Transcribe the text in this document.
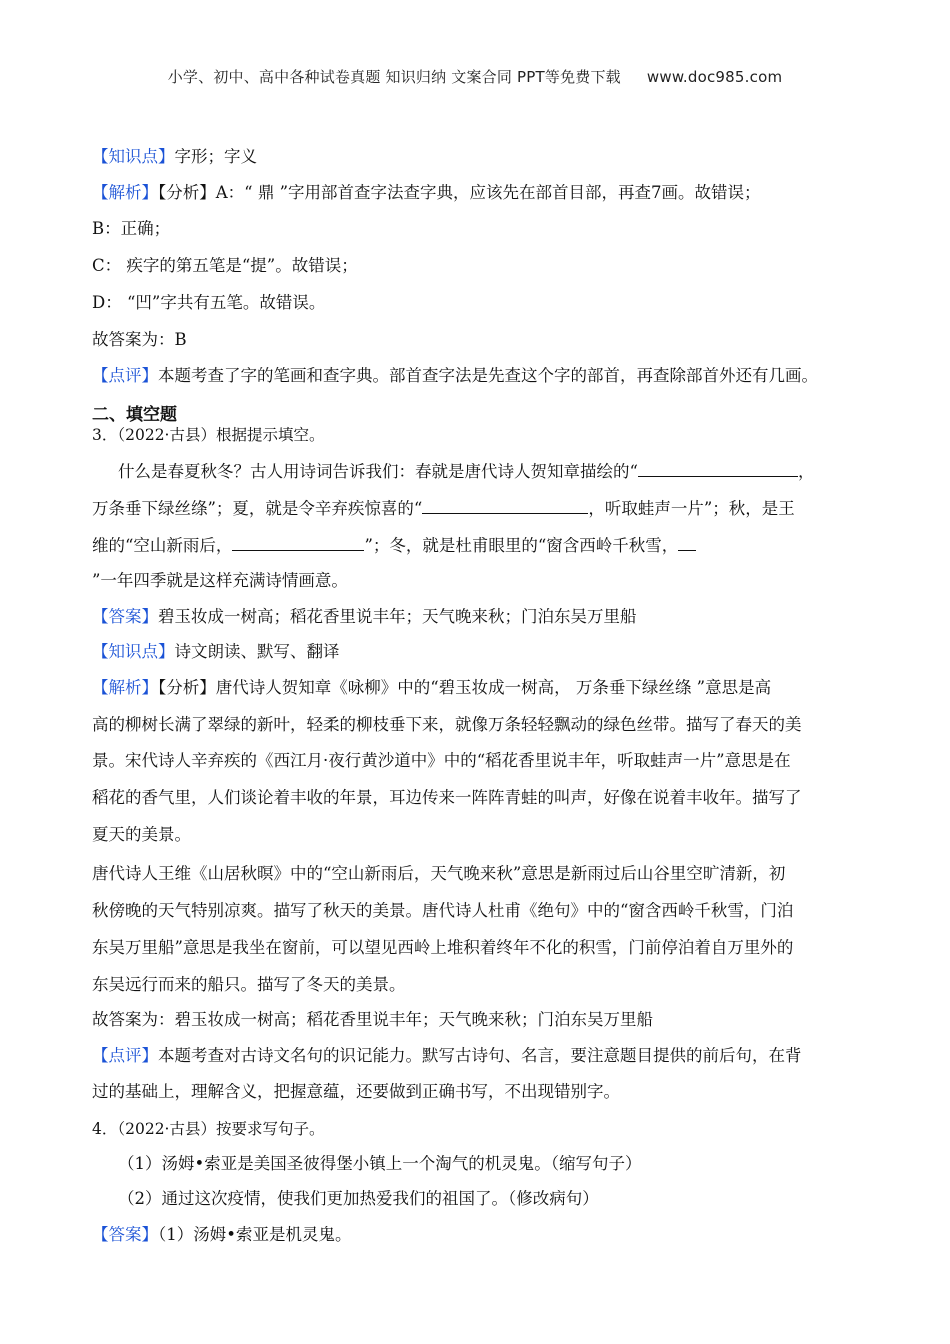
小学、初中、高中各种试卷真题 知识归纳 文案合同 PPT等免费下载 www.doc985.com
【知识点】字形；字义
【解析】【分析】A：“ 鼎 ”字用部首查字法查字典，应该先在部首目部，再查7画。故错误；
B：正确；
C： 疾字的第五笔是“提”。故错误；
D： “凹”字共有五笔。故错误。
故答案为：B
【点评】本题考查了字的笔画和查字典。部首查字法是先查这个字的部首，再查除部首外还有几画。
二、填空题
3．（2022·古县）根据提示填空。
什么是春夏秋冬？古人用诗词告诉我们：春就是唐代诗人贺知章描绘的“	，
万条垂下绿丝绦”；夏，就是令辛弃疾惊喜的“	，听取蛙声一片”；秋，是王
维的“空山新雨后，	”；冬，就是杜甫眼里的“窗含西岭千秋雪，
”一年四季就是这样充满诗情画意。
【答案】碧玉妆成一树高；稻花香里说丰年；天气晚来秋；门泊东吴万里船
【知识点】诗文朗读、默写、翻译
【解析】【分析】唐代诗人贺知章《咏柳》中的“碧玉妆成一树高， 万条垂下绿丝绦 ”意思是高
高的柳树长满了翠绿的新叶，轻柔的柳枝垂下来，就像万条轻轻飘动的绿色丝带。描写了春天的美
景。宋代诗人辛弃疾的《西江月·夜行黄沙道中》中的“稻花香里说丰年，听取蛙声一片”意思是在
稻花的香气里，人们谈论着丰收的年景，耳边传来一阵阵青蛙的叫声，好像在说着丰收年。描写了
夏天的美景。
唐代诗人王维《山居秋暝》中的“空山新雨后，天气晚来秋”意思是新雨过后山谷里空旷清新，初
秋傍晚的天气特别凉爽。描写了秋天的美景。唐代诗人杜甫《绝句》中的“窗含西岭千秋雪，门泊
东吴万里船”意思是我坐在窗前，可以望见西岭上堆积着终年不化的积雪，门前停泊着自万里外的
东吴远行而来的船只。描写了冬天的美景。
故答案为：碧玉妆成一树高；稻花香里说丰年；天气晚来秋；门泊东吴万里船
【点评】本题考查对古诗文名句的识记能力。默写古诗句、名言，要注意题目提供的前后句，在背
过的基础上，理解含义，把握意蕴，还要做到正确书写，不出现错别字。
4．（2022·古县）按要求写句子。
（1）汤姆•索亚是美国圣彼得堡小镇上一个淘气的机灵鬼。（缩写句子）
（2）通过这次疫情，使我们更加热爱我们的祖国了。（修改病句）
【答案】（1）汤姆•索亚是机灵鬼。
